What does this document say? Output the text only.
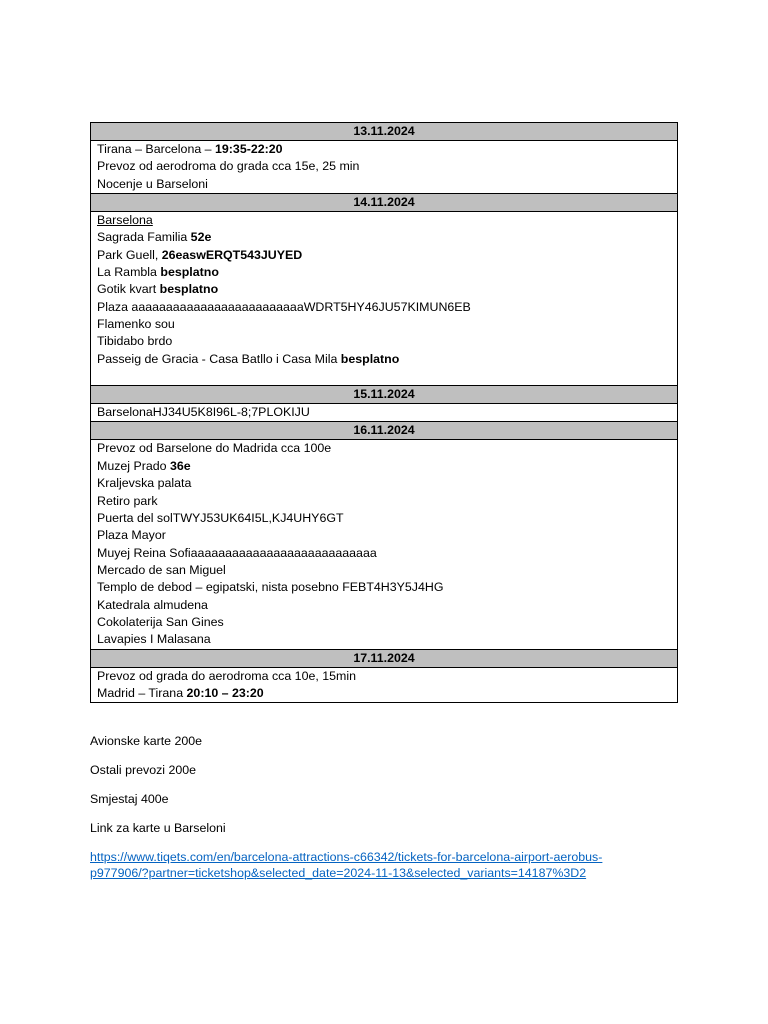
13.11.2024

Tirana – Barcelona – 19:35-22:20
Prevoz od aerodroma do grada cca 15e, 25 min
Nocenje u Barseloni

14.11.2024

Barselona
Sagrada Familia 52e
Park Guell, 26easwERQT543JUYED
La Rambla besplatno
Gotik kvart besplatno
Plaza aaaaaaaaaaaaaaaaaaaaaaaaaWDRT5HY46JU57KIMUN6EB
Flamenko sou
Tibidabo brdo
Passeig de Gracia - Casa Batllo i Casa Mila besplatno

15.11.2024

BarselonaHJ34U5K8I96L-8;7PLOKIJU

16.11.2024

Prevoz od Barselone do Madrida cca 100e
Muzej Prado 36e
Kraljevska palata
Retiro park
Puerta del solTWYJ53UK64I5L,KJ4UHY6GT
Plaza Mayor
Muyej Reina Sofiaaaaaaaaaaaaaaaaaaaaaaaaaaa
Mercado de san Miguel
Templo de debod – egipatski, nista posebno FEBT4H3Y5J4HG
Katedrala almudena
Cokolaterija San Gines
Lavapies I Malasana

17.11.2024

Prevoz od grada do aerodroma cca 10e, 15min
Madrid – Tirana 20:10 – 23:20

Avionske karte 200e

Ostali prevozi 200e

Smjestaj 400e

Link za karte u Barseloni

https://www.tiqets.com/en/barcelona-attractions-c66342/tickets-for-barcelona-airport-aerobus-
p977906/?partner=ticketshop&selected_date=2024-11-13&selected_variants=14187%3D2
